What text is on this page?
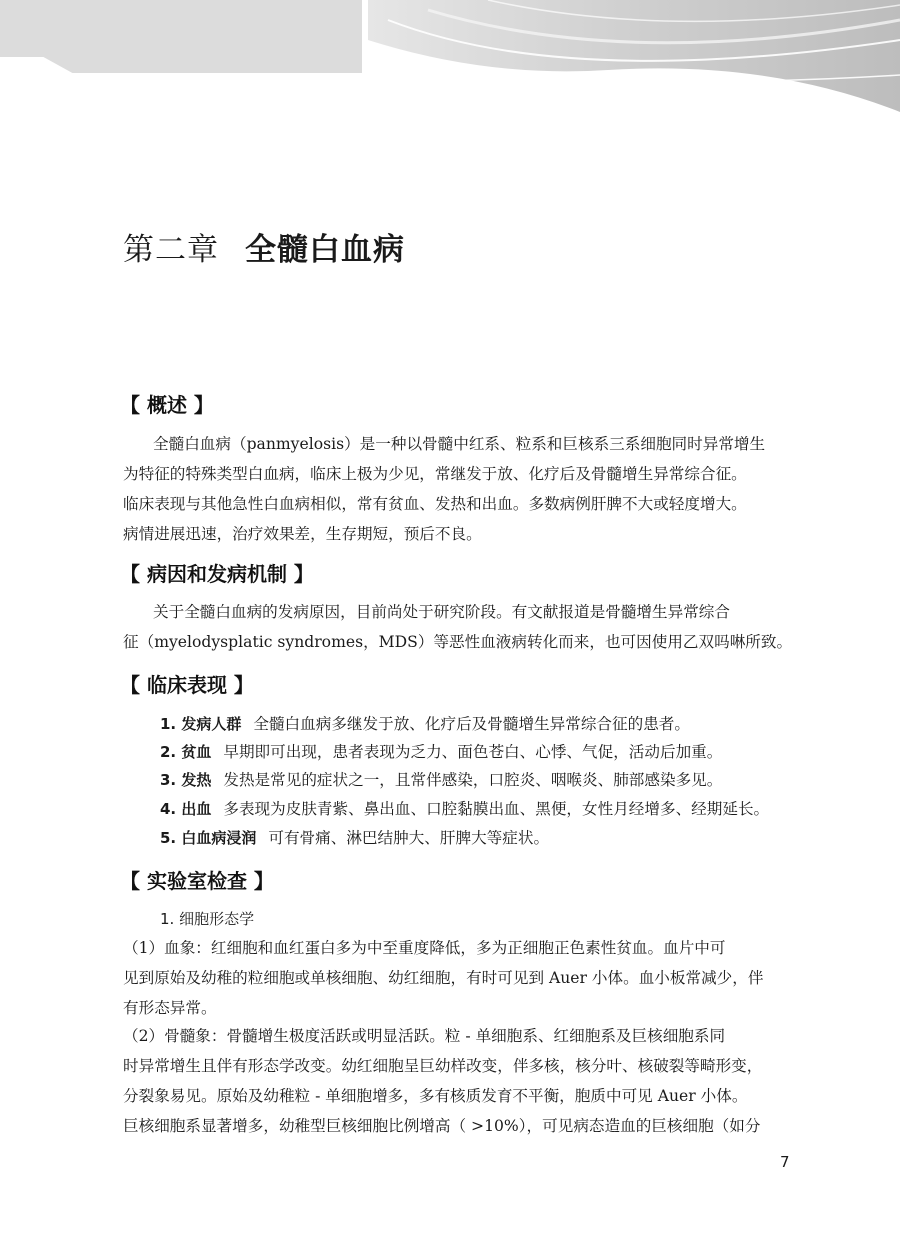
第二章 全髓白血病
【 概述 】

全髓白血病（panmyelosis）是一种以骨髓中红系、粒系和巨核系三系细胞同时异常增生
为特征的特殊类型白血病，临床上极为少见，常继发于放、化疗后及骨髓增生异常综合征。
临床表现与其他急性白血病相似，常有贫血、发热和出血。多数病例肝脾不大或轻度增大。
病情进展迅速，治疗效果差，生存期短，预后不良。

【 病因和发病机制 】

关于全髓白血病的发病原因，目前尚处于研究阶段。有文献报道是骨髓增生异常综合
征（myelodysplatic syndromes，MDS）等恶性血液病转化而来，也可因使用乙双吗啉所致。

【 临床表现 】
1. 发病人群 全髓白血病多继发于放、化疗后及骨髓增生异常综合征的患者。
2. 贫血 早期即可出现，患者表现为乏力、面色苍白、心悸、气促，活动后加重。
3. 发热 发热是常见的症状之一，且常伴感染，口腔炎、咽喉炎、肺部感染多见。
4. 出血 多表现为皮肤青紫、鼻出血、口腔黏膜出血、黑便，女性月经增多、经期延长。
5. 白血病浸润 可有骨痛、淋巴结肿大、肝脾大等症状。
【 实验室检查 】
1. 细胞形态学

（1）血象：红细胞和血红蛋白多为中至重度降低，多为正细胞正色素性贫血。血片中可
见到原始及幼稚的粒细胞或单核细胞、幼红细胞，有时可见到 Auer 小体。血小板常减少，伴
有形态异常。

（2）骨髓象：骨髓增生极度活跃或明显活跃。粒 - 单细胞系、红细胞系及巨核细胞系同
时异常增生且伴有形态学改变。幼红细胞呈巨幼样改变，伴多核，核分叶、核破裂等畸形变，
分裂象易见。原始及幼稚粒 - 单细胞增多，多有核质发育不平衡，胞质中可见 Auer 小体。
巨核细胞系显著增多，幼稚型巨核细胞比例增高（ >10%），可见病态造血的巨核细胞（如分

7
